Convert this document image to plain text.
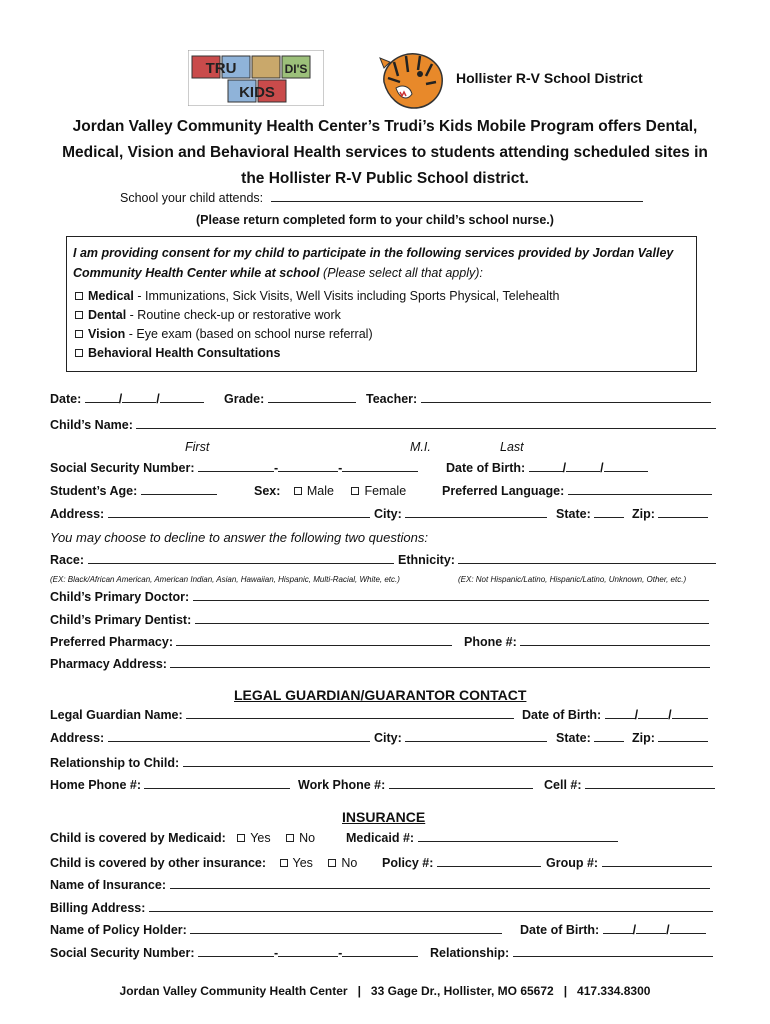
TRU	DI'S
KIDS
Hollister R-V School District
Jordan Valley Community Health Center’s Trudi’s Kids Mobile Program offers Dental, Medical, Vision and Behavioral Health services to students attending scheduled sites in the Hollister R-V Public School district.
School your child attends:
(Please return completed form to your child’s school nurse.)
I am providing consent for my child to participate in the following services provided by Jordan Valley Community Health Center while at school (Please select all that apply):
Medical - Immunizations, Sick Visits, Well Visits including Sports Physical, Telehealth
Dental - Routine check-up or restorative work
Vision - Eye exam (based on school nurse referral)
Behavioral Health Consultations
Date:	/	/	Grade:	Teacher:
Child’s Name:
First	M.I.	Last
Social Security Number:	-	-	Date of Birth:	/	/
Student’s Age:	Sex: Male Female	Preferred Language:
Address:	City:	State:	Zip:
You may choose to decline to answer the following two questions:
Race:	Ethnicity:
(EX: Black/African American, American Indian, Asian, Hawaiian, Hispanic, Multi-Racial, White, etc.)	(EX: Not Hispanic/Latino, Hispanic/Latino, Unknown, Other, etc.)
Child’s Primary Doctor:
Child’s Primary Dentist:
Preferred Pharmacy:	Phone #:
Pharmacy Address:
LEGAL GUARDIAN/GUARANTOR CONTACT
Legal Guardian Name:	Date of Birth:	/ /
Address:	City:	State:	Zip:
Relationship to Child:
Home Phone #:	Work Phone #:	Cell #:
INSURANCE
Child is covered by Medicaid: Yes No Medicaid #:
Child is covered by other insurance: Yes No Policy #:	Group #:
Name of Insurance:
Billing Address:
Name of Policy Holder:	Date of Birth:	/ /
Social Security Number:	-	-	Relationship:
Jordan Valley Community Health Center   |   33 Gage Dr., Hollister, MO 65672   |   417.334.8300
